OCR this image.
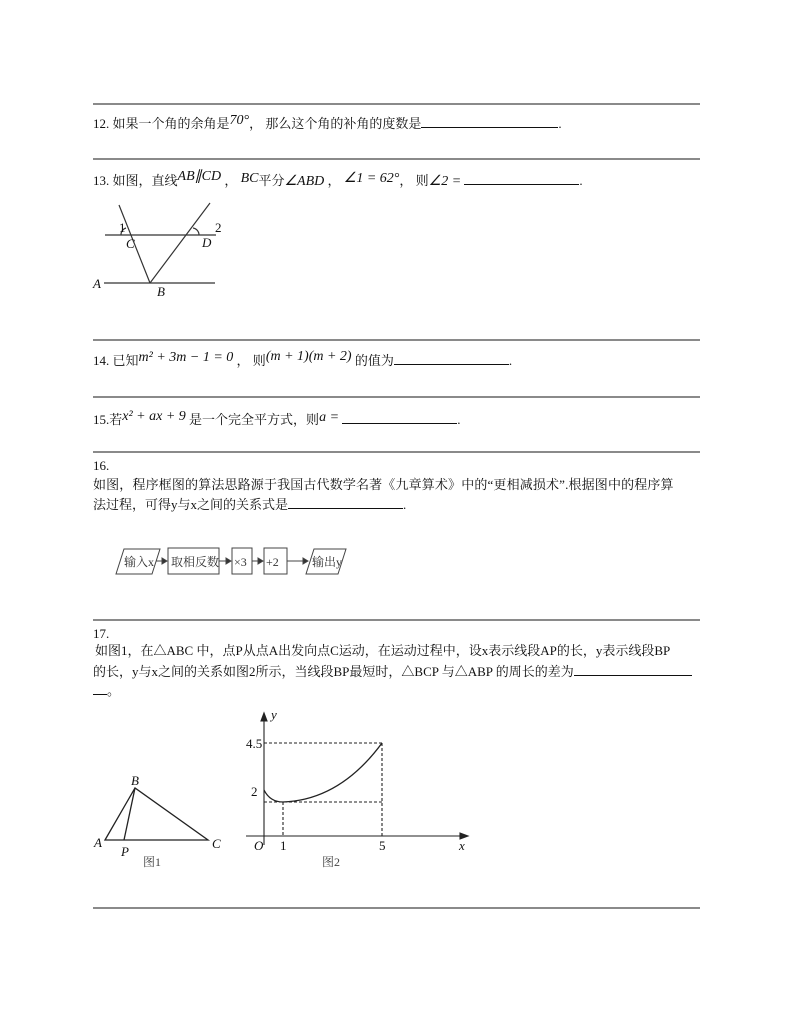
12. 如果一个角的余角是70°， 那么这个角的补角的度数是	.
13. 如图，直线AB∥CD ， BC平分∠ABD ， ∠1 = 62°， 则∠2 =	.
14. 已知m² + 3m − 1 = 0 ， 则(m + 1)(m + 2) 的值为	.
15.若x² + ax + 9 是一个完全平方式，则a =	.
16.
如图，程序框图的算法思路源于我国古代数学名著《九章算术》中的“更相减损术”.根据图中的程序算
法过程，可得y与x之间的关系式是	.
17.
如图1，在△ABC 中，点P从点A出发向点C运动，在运动过程中，设x表示线段AP的长，y表示线段BP
的长，y与x之间的关系如图2所示，当线段BP最短时，△BCP 与△ABP 的周长的差为
。
1	2
C	D
A
B
输入x 取相反数 ×3 +2	输出y
A
B
C
P
图1
y
x
O
4.5
2
1	5
图2
